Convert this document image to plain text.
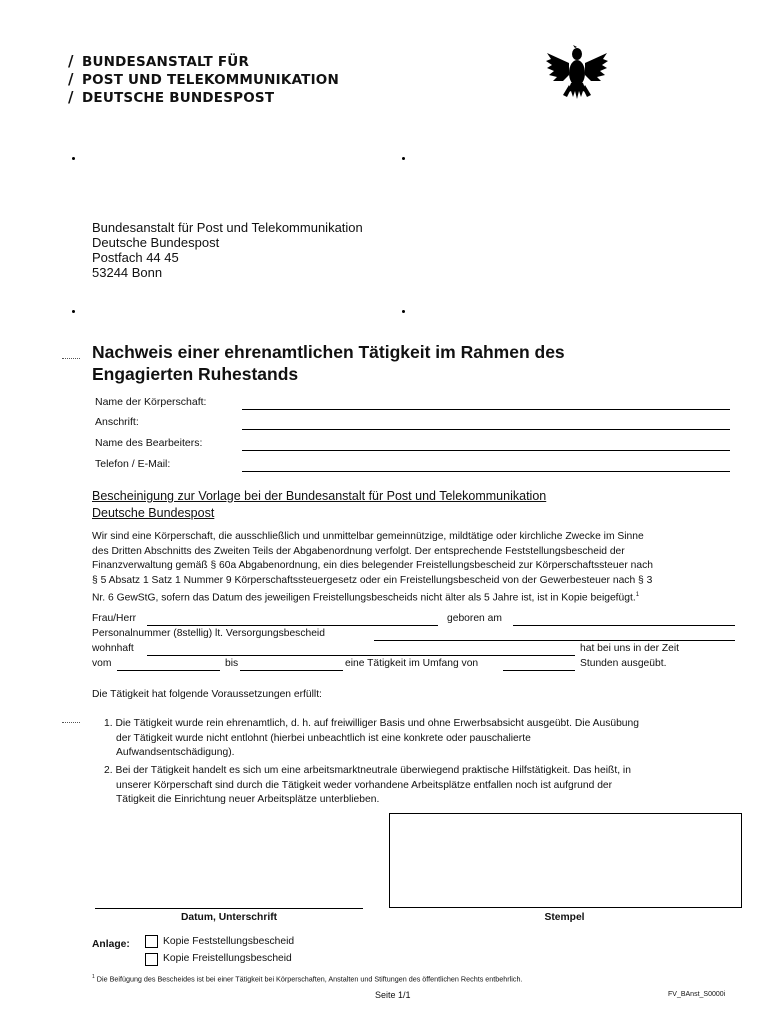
/ BUNDESANSTALT FÜR
/ POST UND TELEKOMMUNIKATION
/ DEUTSCHE BUNDESPOST
Bundesanstalt für Post und Telekommunikation
Deutsche Bundespost
Postfach 44 45
53244 Bonn
Nachweis einer ehrenamtlichen Tätigkeit im Rahmen des
Engagierten Ruhestands
Name der Körperschaft:
Anschrift:
Name des Bearbeiters:
Telefon / E-Mail:
Bescheinigung zur Vorlage bei der Bundesanstalt für Post und Telekommunikation
Deutsche Bundespost
Wir sind eine Körperschaft, die ausschließlich und unmittelbar gemeinnützige, mildtätige oder kirchliche Zwecke im Sinne
des Dritten Abschnitts des Zweiten Teils der Abgabenordnung verfolgt. Der entsprechende Feststellungsbescheid der
Finanzverwaltung gemäß § 60a Abgabenordnung, ein dies belegender Freistellungsbescheid zur Körperschaftssteuer nach
§ 5 Absatz 1 Satz 1 Nummer 9 Körperschaftssteuergesetz oder ein Freistellungsbescheid von der Gewerbesteuer nach § 3
Nr. 6 GewStG, sofern das Datum des jeweiligen Freistellungsbescheids nicht älter als 5 Jahre ist, ist in Kopie beigefügt.$^1$
Frau/Herr	geboren am
Personalnummer (8stellig) lt. Versorgungsbescheid
wohnhaft	hat bei uns in der Zeit
vom	bis	eine Tätigkeit im Umfang von	Stunden ausgeübt.
Die Tätigkeit hat folgende Voraussetzungen erfüllt:
1. Die Tätigkeit wurde rein ehrenamtlich, d. h. auf freiwilliger Basis und ohne Erwerbsabsicht ausgeübt. Die Ausübung
der Tätigkeit wurde nicht entlohnt (hierbei unbeachtlich ist eine konkrete oder pauschalierte
Aufwandsentschädigung).
2. Bei der Tätigkeit handelt es sich um eine arbeitsmarktneutrale überwiegend praktische Hilfstätigkeit. Das heißt, in
unserer Körperschaft sind durch die Tätigkeit weder vorhandene Arbeitsplätze entfallen noch ist aufgrund der
Tätigkeit die Einrichtung neuer Arbeitsplätze unterblieben.
Datum, Unterschrift	Stempel
Anlage:	Kopie Feststellungsbescheid
Kopie Freistellungsbescheid
$^1$ Die Beifügung des Bescheides ist bei einer Tätigkeit bei Körperschaften, Anstalten und Stiftungen des öffentlichen Rechts entbehrlich.
Seite 1/1	FV_BAnst_S0000i
